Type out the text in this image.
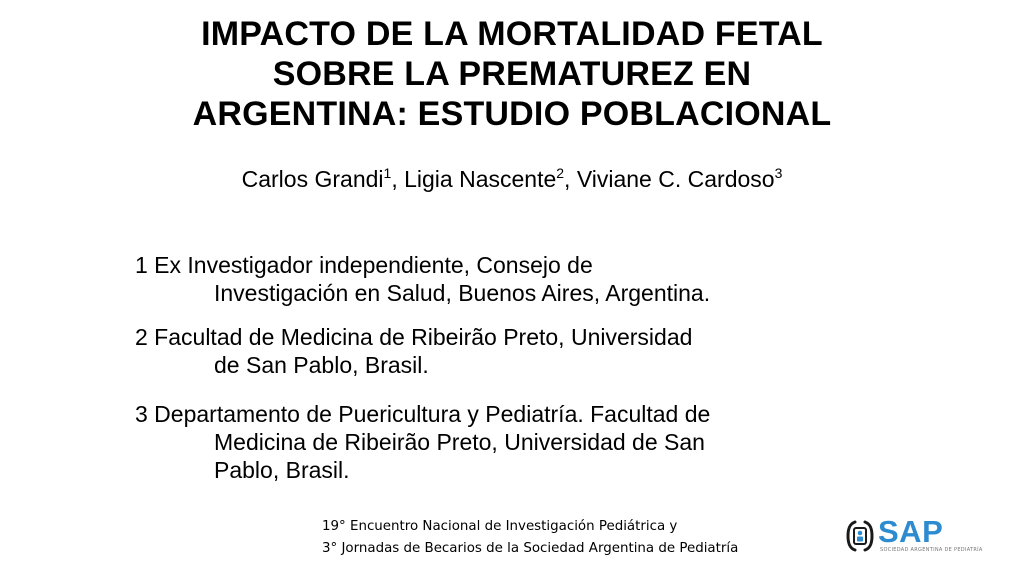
IMPACTO DE LA MORTALIDAD FETAL
SOBRE LA PREMATUREZ EN
ARGENTINA: ESTUDIO POBLACIONAL
Carlos Grandi$^1$, Ligia Nascente$^2$, Viviane C. Cardoso$^3$

1 Ex Investigador independiente, Consejo de
Investigación en Salud, Buenos Aires, Argentina.

2 Facultad de Medicina de Ribeirão Preto, Universidad
de San Pablo, Brasil.

3 Departamento de Puericultura y Pediatría. Facultad de
Medicina de Ribeirão Preto, Universidad de San
Pablo, Brasil.

19° Encuentro Nacional de Investigación Pediátrica y
3° Jornadas de Becarios de la Sociedad Argentina de Pediatría	SAP
SOCIEDAD ARGENTINA DE PEDIATRÍA
